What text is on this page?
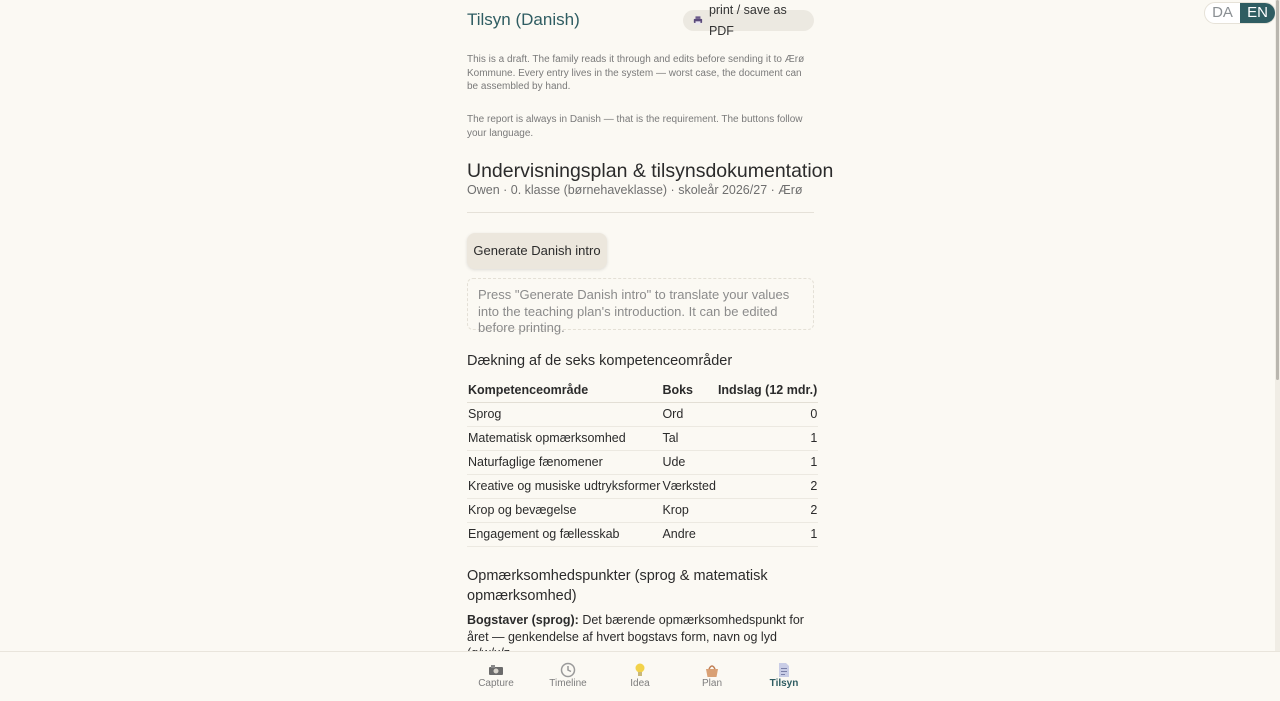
DA EN
Tilsyn (Danish)
print / save as PDF
This is a draft. The family reads it through and edits before sending it to Ærø Kommune. Every entry lives in the system — worst case, the document can be assembled by hand.
The report is always in Danish — that is the requirement. The buttons follow your language.
Undervisningsplan & tilsynsdokumentation
Owen · 0. klasse (børnehaveklasse) · skoleår 2026/27 · Ærø
Generate Danish intro
Press "Generate Danish intro" to translate your values into the teaching plan's introduction. It can be edited before printing.
Dækning af de seks kompetenceområder
Kompetenceområde	Boks	Indslag (12 mdr.)
Sprog	Ord	0
Matematisk opmærksomhed	Tal	1
Naturfaglige fænomener	Ude	1
Kreative og musiske udtryksformer	Værksted	2
Krop og bevægelse	Krop	2
Engagement og fællesskab	Andre	1
Opmærksomhedspunkter (sprog & matematisk opmærksomhed)
Bogstaver (sprog): Det bærende opmærksomhedspunkt for året — genkendelse af hvert bogstavs form, navn og lyd
Capture	Timeline	Idea	Plan	Tilsyn
